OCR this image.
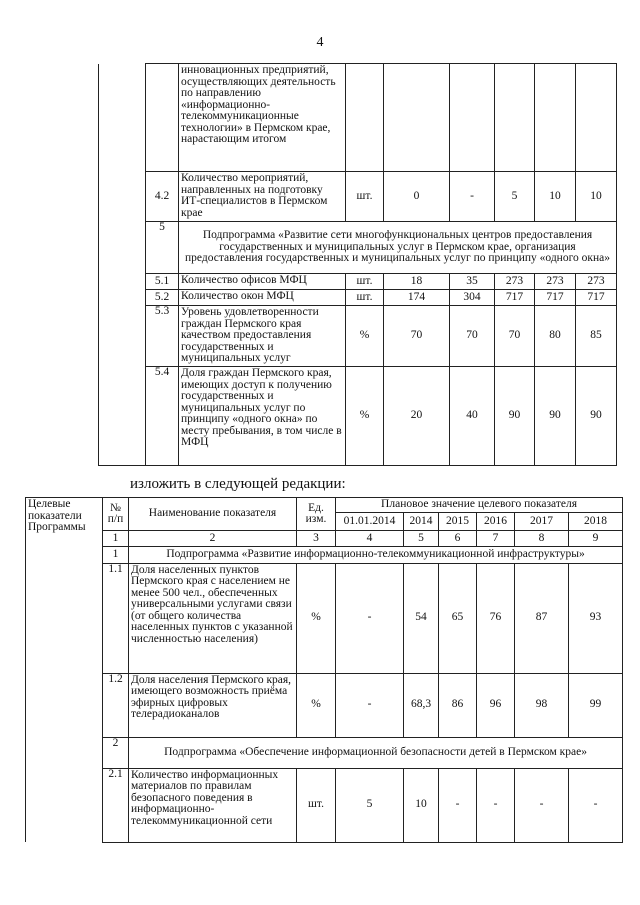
4
		инновационных предприятий, осуществляющих деятельность по направлению «информационно-телекоммуникационные технологии» в Пермском крае, нарастающим итогом						
	4.2	Количество мероприятий, направленных на подготовку ИТ-специалистов в Пермском крае	шт.	0	-	5	10	10
	5	Подпрограмма «Развитие сети многофункциональных центров предоставления государственных и муниципальных услуг в Пермском крае, организация предоставления государственных и муниципальных услуг по принципу «одного окна»						
	5.1	Количество офисов МФЦ	шт.	18	35	273	273	273
	5.2	Количество окон МФЦ	шт.	174	304	717	717	717
	5.3	Уровень удовлетворенности граждан Пермского края качеством предоставления государственных и муниципальных услуг	%	70	70	70	80	85
	5.4	Доля граждан Пермского края, имеющих доступ к получению государственных и муниципальных услуг по принципу «одного окна» по месту пребывания, в том числе в МФЦ	%	20	40	90	90	90
изложить в следующей редакции:
Целевые показатели Программы	№ п/п	Наименование показателя	Ед. изм.	Плановое значение целевого показателя					
				01.01.2014	2014	2015	2016	2017	2018
	1	2	3	4	5	6	7	8	9
	1	Подпрограмма «Развитие информационно-телекоммуникационной инфраструктуры»							
	1.1	Доля населенных пунктов Пермского края с населением не менее 500 чел., обеспеченных универсальными услугами связи (от общего количества населенных пунктов с указанной численностью населения)	%	-	54	65	76	87	93
	1.2	Доля населения Пермского края, имеющего возможность приёма эфирных цифровых телерадиоканалов	%	-	68,3	86	96	98	99
	2	Подпрограмма «Обеспечение информационной безопасности детей в Пермском крае»							
	2.1	Количество информационных материалов по правилам безопасного поведения в информационно-телекоммуникационной сети	шт.	5	10	-	-	-	-
